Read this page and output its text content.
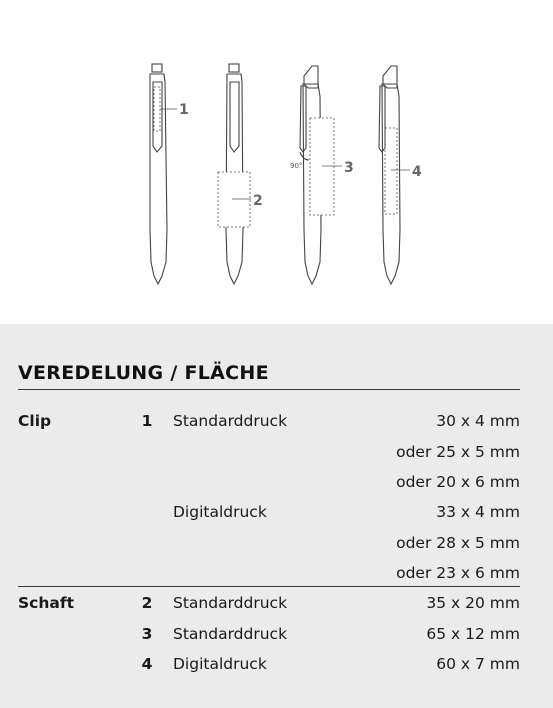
1
2
90°	3	4
VEREDELUNG / FLÄCHE
Clip	1 Standarddruck	30 x 4 mm
oder 25 x 5 mm
oder 20 x 6 mm
Digitaldruck	33 x 4 mm
oder 28 x 5 mm
oder 23 x 6 mm
Schaft	2 Standarddruck	35 x 20 mm
3 Standarddruck	65 x 12 mm
4 Digitaldruck	60 x 7 mm
